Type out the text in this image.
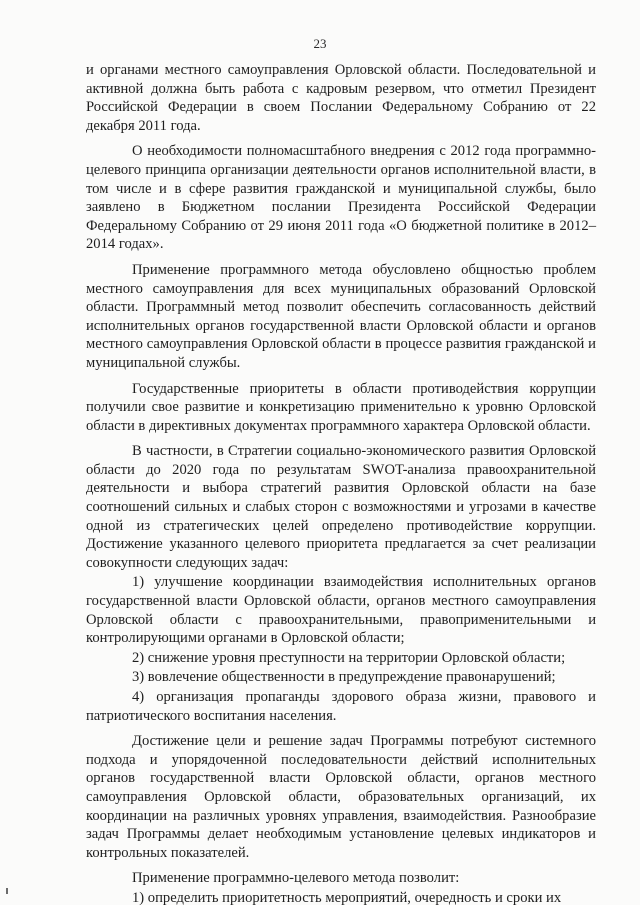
23

и органами местного самоуправления Орловской области. Последовательной и активной должна быть работа с кадровым резервом, что отметил Президент Российской Федерации в своем Послании Федеральному Собранию от 22 декабря 2011 года.

О необходимости полномасштабного внедрения с 2012 года программно-целевого принципа организации деятельности органов исполнительной власти, в том числе и в сфере развития гражданской и муниципальной службы, было заявлено в Бюджетном послании Президента Российской Федерации Федеральному Собранию от 29 июня 2011 года «О бюджетной политике в 2012–2014 годах».

Применение программного метода обусловлено общностью проблем местного самоуправления для всех муниципальных образований Орловской области. Программный метод позволит обеспечить согласованность действий исполнительных органов государственной власти Орловской области и органов местного самоуправления Орловской области в процессе развития гражданской и муниципальной службы.

Государственные приоритеты в области противодействия коррупции получили свое развитие и конкретизацию применительно к уровню Орловской области в директивных документах программного характера Орловской области.

В частности, в Стратегии социально-экономического развития Орловской области до 2020 года по результатам SWOT-анализа правоохранительной деятельности и выбора стратегий развития Орловской области на базе соотношений сильных и слабых сторон с возможностями и угрозами в качестве одной из стратегических целей определено противодействие коррупции. Достижение указанного целевого приоритета предлагается за счет реализации совокупности следующих задач:

1) улучшение координации взаимодействия исполнительных органов государственной власти Орловской области, органов местного самоуправления Орловской области с правоохранительными, правоприменительными и контролирующими органами в Орловской области;

2) снижение уровня преступности на территории Орловской области;

3) вовлечение общественности в предупреждение правонарушений;

4) организация пропаганды здорового образа жизни, правового и патриотического воспитания населения.

Достижение цели и решение задач Программы потребуют системного подхода и упорядоченной последовательности действий исполнительных органов государственной власти Орловской области, органов местного самоуправления Орловской области, образовательных организаций, их координации на различных уровнях управления, взаимодействия. Разнообразие задач Программы делает необходимым установление целевых индикаторов и контрольных показателей.

Применение программно-целевого метода позволит:

1) определить приоритетность мероприятий, очередность и сроки их
